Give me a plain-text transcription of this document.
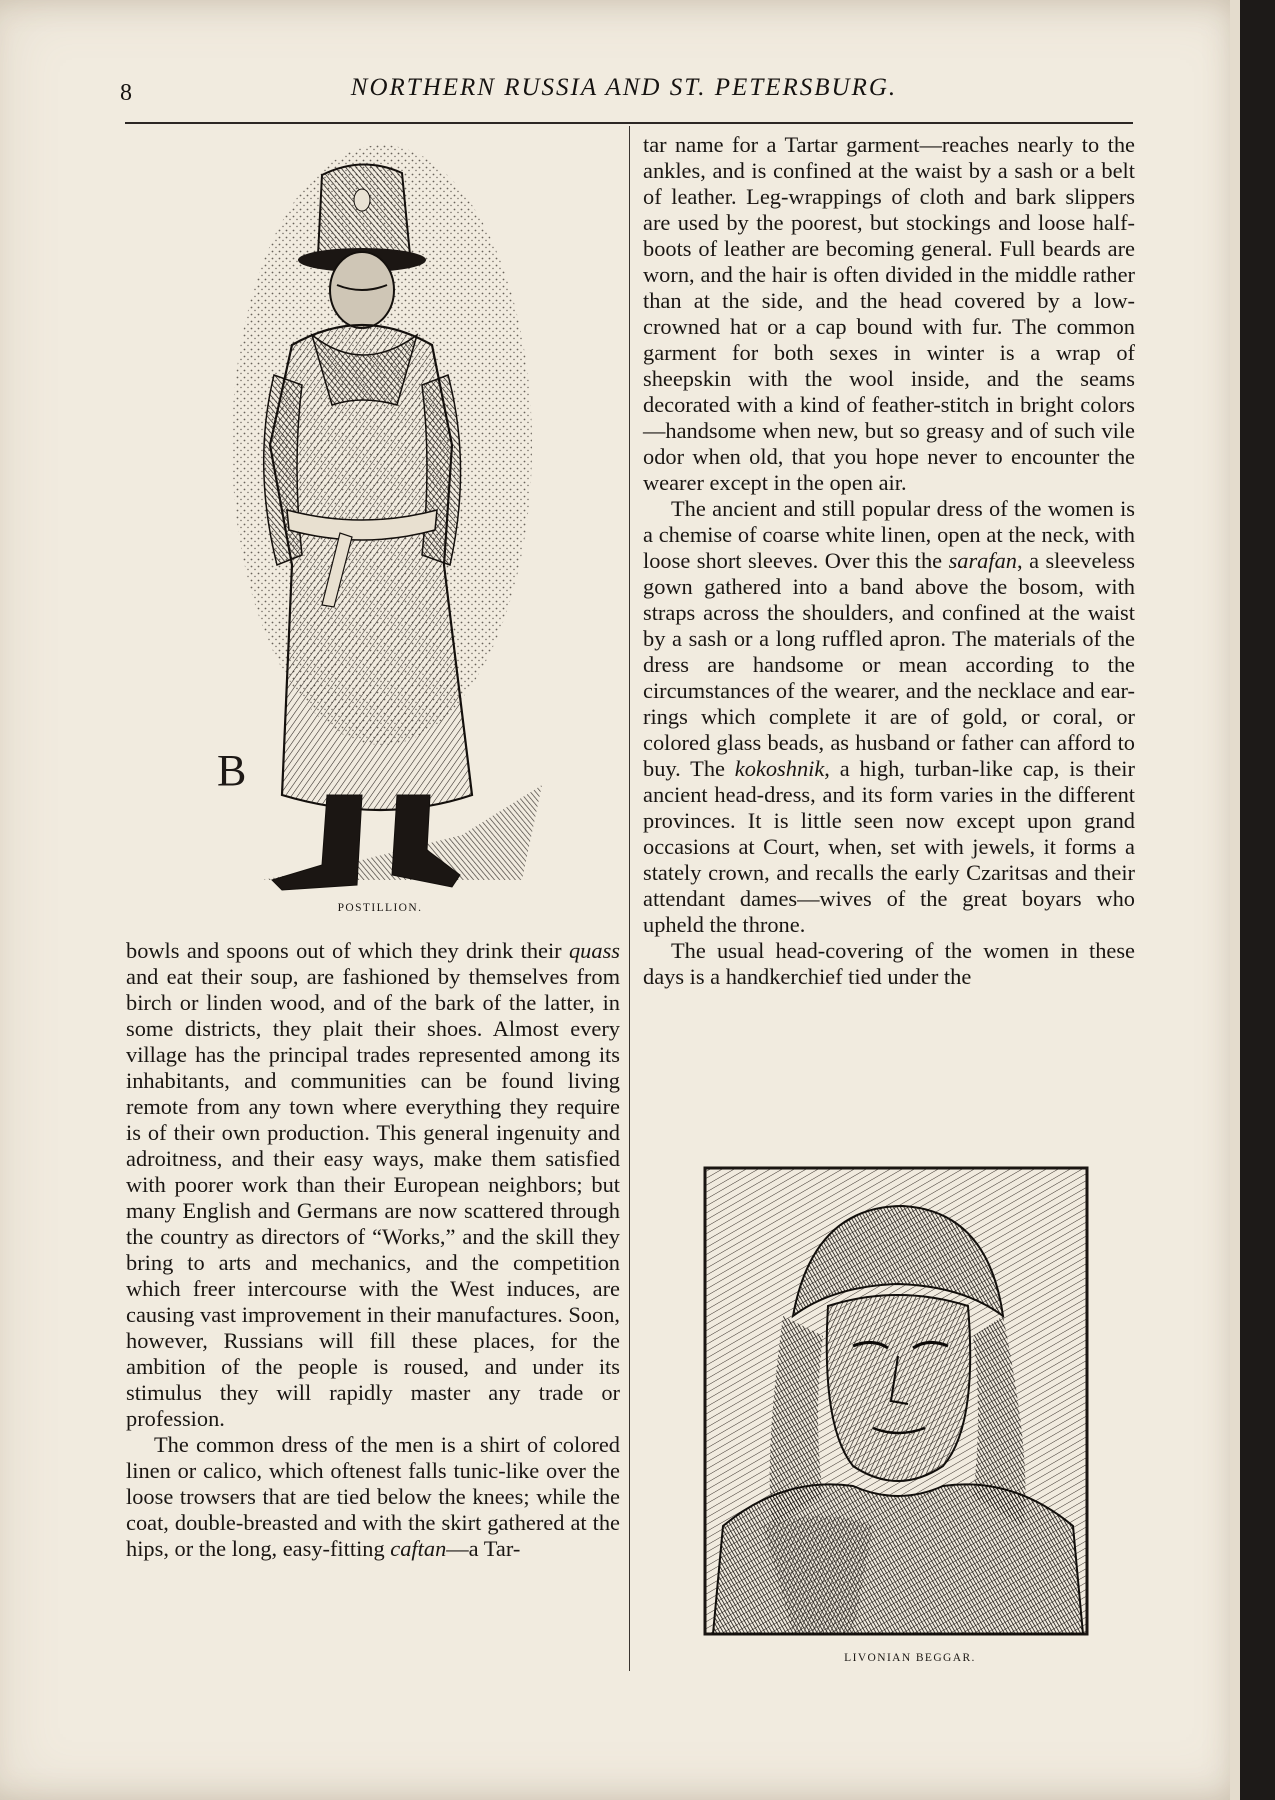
8	NORTHERN RUSSIA AND ST. PETERSBURG.
B
POSTILLION.

bowls and spoons out of which they drink their quass and eat their soup, are fashioned by themselves from birch or linden wood, and of the bark of the latter, in some districts, they plait their shoes. Almost every village has the principal trades represented among its inhabitants, and communities can be found living remote from any town where everything they require is of their own production. This general ingenuity and adroitness, and their easy ways, make them satisfied with poorer work than their European neighbors; but many English and Germans are now scattered through the country as directors of “Works,” and the skill they bring to arts and mechanics, and the competition which freer intercourse with the West induces, are causing vast improvement in their manufactures. Soon, however, Russians will fill these places, for the ambition of the people is roused, and under its stimulus they will rapidly master any trade or profession.

The common dress of the men is a shirt of colored linen or calico, which oftenest falls tunic-like over the loose trowsers that are tied below the knees; while the coat, double-breasted and with the skirt gathered at the hips, or the long, easy-fitting caftan—a Tar-

tar name for a Tartar garment—reaches nearly to the ankles, and is confined at the waist by a sash or a belt of leather. Leg-wrappings of cloth and bark slippers are used by the poorest, but stockings and loose half-boots of leather are becoming general. Full beards are worn, and the hair is often divided in the middle rather than at the side, and the head covered by a low-crowned hat or a cap bound with fur. The common garment for both sexes in winter is a wrap of sheepskin with the wool inside, and the seams decorated with a kind of feather-stitch in bright colors—handsome when new, but so greasy and of such vile odor when old, that you hope never to encounter the wearer except in the open air.

The ancient and still popular dress of the women is a chemise of coarse white linen, open at the neck, with loose short sleeves. Over this the sarafan, a sleeveless gown gathered into a band above the bosom, with straps across the shoulders, and confined at the waist by a sash or a long ruffled apron. The materials of the dress are handsome or mean according to the circumstances of the wearer, and the necklace and ear-rings which complete it are of gold, or coral, or colored glass beads, as husband or father can afford to buy. The kokoshnik, a high, turban-like cap, is their ancient head-dress, and its form varies in the different provinces. It is little seen now except upon grand occasions at Court, when, set with jewels, it forms a stately crown, and recalls the early Czaritsas and their attendant dames—wives of the great boyars who upheld the throne.

The usual head-covering of the women in these days is a handkerchief tied under the

LIVONIAN BEGGAR.
